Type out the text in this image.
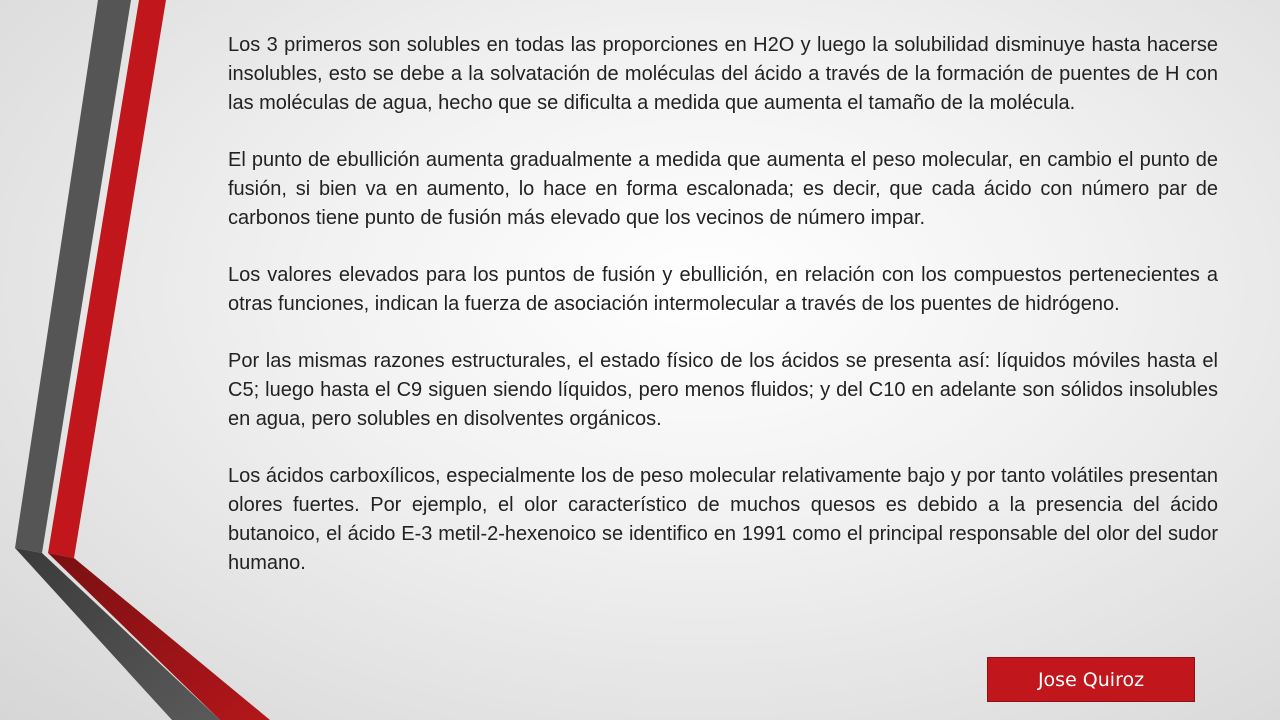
Los 3 primeros son solubles en todas las proporciones en H2O y luego la solubilidad disminuye hasta hacerse insolubles, esto se debe a la solvatación de moléculas del ácido a través de la formación de puentes de H con las moléculas de agua, hecho que se dificulta a medida que aumenta el tamaño de la molécula.

El punto de ebullición aumenta gradualmente a medida que aumenta el peso molecular, en cambio el punto de fusión, si bien va en aumento, lo hace en forma escalonada; es decir, que cada ácido con número par de carbonos tiene punto de fusión más elevado que los vecinos de número impar.

Los valores elevados para los puntos de fusión y ebullición, en relación con los compuestos pertenecientes a otras funciones, indican la fuerza de asociación intermolecular a través de los puentes de hidrógeno.

Por las mismas razones estructurales, el estado físico de los ácidos se presenta así: líquidos móviles hasta el C5; luego hasta el C9 siguen siendo líquidos, pero menos fluidos; y del C10 en adelante son sólidos insolubles en agua, pero solubles en disolventes orgánicos.

Los ácidos carboxílicos, especialmente los de peso molecular relativamente bajo y por tanto volátiles presentan olores fuertes. Por ejemplo, el olor característico de muchos quesos es debido a la presencia del ácido butanoico, el ácido E-3 metil-2-hexenoico se identifico en 1991 como el principal responsable del olor del sudor humano.

Jose Quiroz
